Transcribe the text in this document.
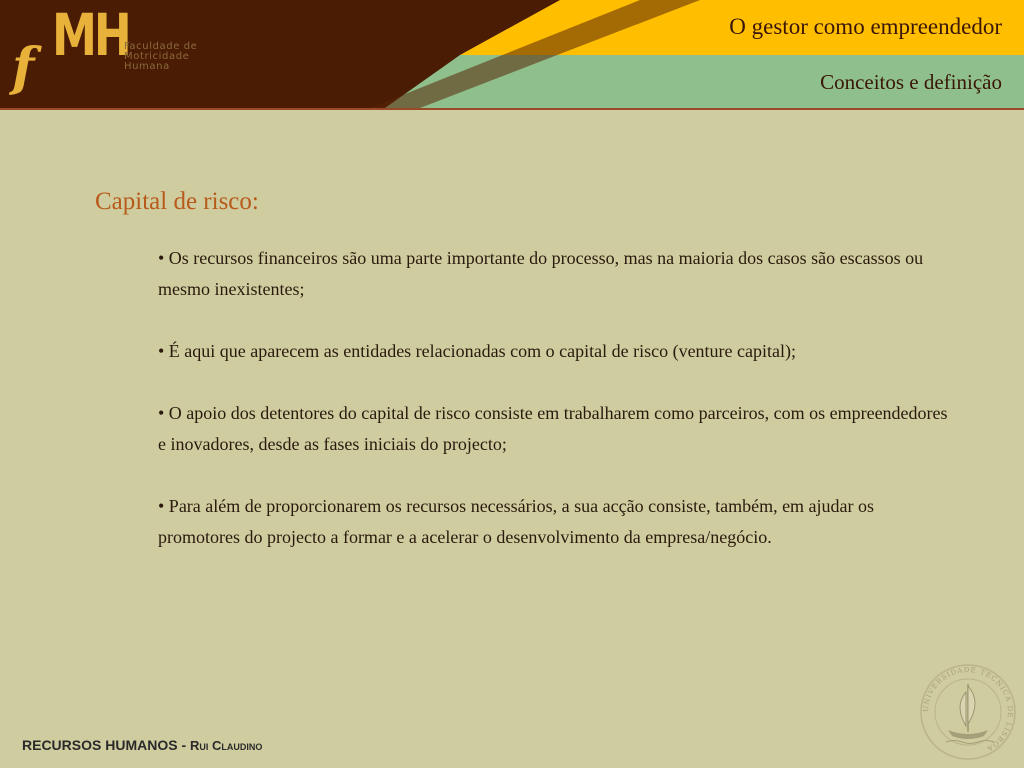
f MH
Faculdade de
Motricidade
Humana
O gestor como empreendedor
Conceitos e definição
Capital de risco:
• Os recursos financeiros são uma parte importante do processo, mas na maioria dos casos são escassos ou mesmo inexistentes;
• É aqui que aparecem as entidades relacionadas com o capital de risco (venture capital);
• O apoio dos detentores do capital de risco consiste em trabalharem como parceiros, com os empreendedores e inovadores, desde as fases iniciais do projecto;
• Para além de proporcionarem os recursos necessários, a sua acção consiste, também, em ajudar os promotores do projecto a formar e a acelerar o desenvolvimento da empresa/negócio.
RECURSOS HUMANOS - Rui Claudino
UNIVERSIDADE TECNICA DE LISBOA
